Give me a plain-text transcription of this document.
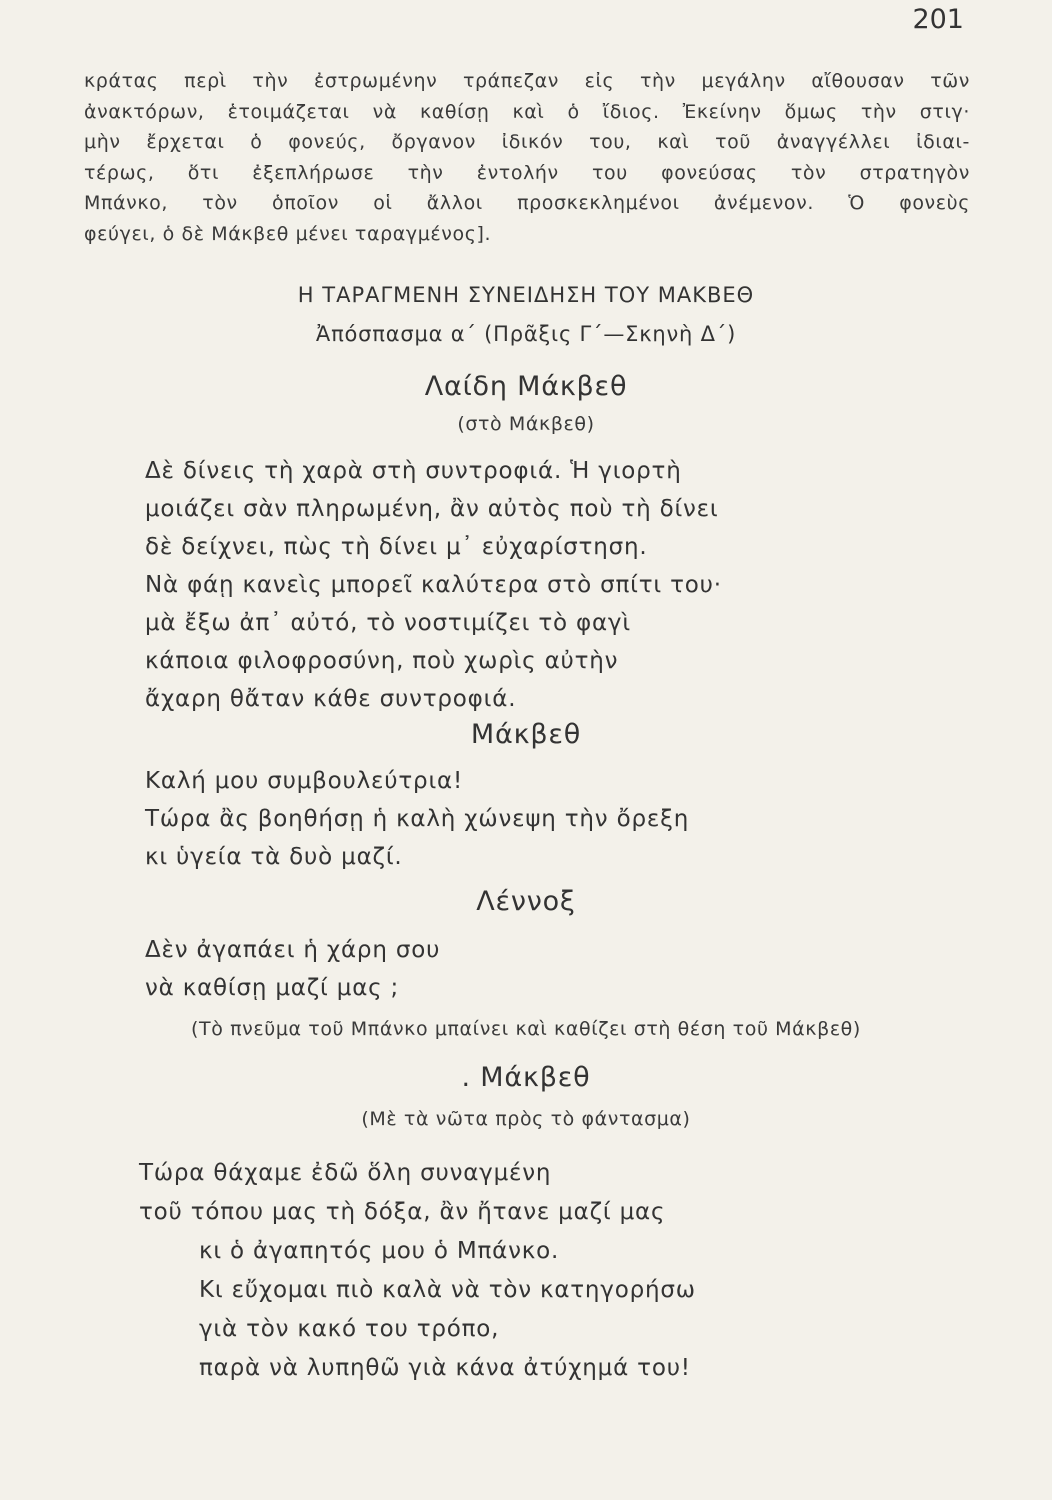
201
κράτας περὶ τὴν ἐστρωμένην τράπεζαν εἰς τὴν μεγάλην αἴθουσαν τῶν
ἀνακτόρων, ἑτοιμάζεται νὰ καθίσῃ καὶ ὁ ἴδιος. Ἐκείνην ὅμως τὴν στιγ·
μὴν ἔρχεται ὁ φονεύς, ὄργανον ἰδικόν του, καὶ τοῦ ἀναγγέλλει ἰδιαι-
τέρως, ὅτι ἐξεπλήρωσε τὴν ἐντολήν του φονεύσας τὸν στρατηγὸν
Μπάνκο, τὸν ὁποῖον οἱ ἄλλοι προσκεκλημένοι ἀνέμενον. Ὁ φονεὺς
φεύγει, ὁ δὲ Μάκβεθ μένει ταραγμένος].
Η ΤΑΡΑΓΜΕΝΗ ΣΥΝΕΙΔΗΣΗ ΤΟΥ ΜΑΚΒΕΘ
Ἀπόσπασμα α΄ (Πρᾶξις Γ΄—Σκηνὴ Δ΄)
Λαίδη Μάκβεθ
(στὸ Μάκβεθ)
Δὲ δίνεις τὴ χαρὰ στὴ συντροφιά. Ἡ γιορτὴ
μοιάζει σὰν πληρωμένη, ἂν αὐτὸς ποὺ τὴ δίνει
δὲ δείχνει, πὼς τὴ δίνει μ᾽ εὐχαρίστηση.
Νὰ φάῃ κανεὶς μπορεῖ καλύτερα στὸ σπίτι του·
μὰ ἔξω ἀπ᾽ αὐτό, τὸ νοστιμίζει τὸ φαγὶ
κάποια φιλοφροσύνη, ποὺ χωρὶς αὐτὴν
ἄχαρη θἄταν κάθε συντροφιά.
Μάκβεθ
Καλή μου συμβουλεύτρια!
Τώρα ἂς βοηθήσῃ ἡ καλὴ χώνεψη τὴν ὄρεξη
κι ὑγεία τὰ δυὸ μαζί.
Λέννοξ
Δὲν ἀγαπάει ἡ χάρη σου
νὰ καθίσῃ μαζί μας ;
(Τὸ πνεῦμα τοῦ Μπάνκο μπαίνει καὶ καθίζει στὴ θέση τοῦ Μάκβεθ)
. Μάκβεθ
(Μὲ τὰ νῶτα πρὸς τὸ φάντασμα)
Τώρα θάχαμε ἐδῶ ὅλη συναγμένη
τοῦ τόπου μας τὴ δόξα, ἂν ἤτανε μαζί μας
κι ὁ ἀγαπητός μου ὁ Μπάνκο.
Κι εὔχομαι πιὸ καλὰ νὰ τὸν κατηγορήσω
γιὰ τὸν κακό του τρόπο,
παρὰ νὰ λυπηθῶ γιὰ κάνα ἀτύχημά του!
